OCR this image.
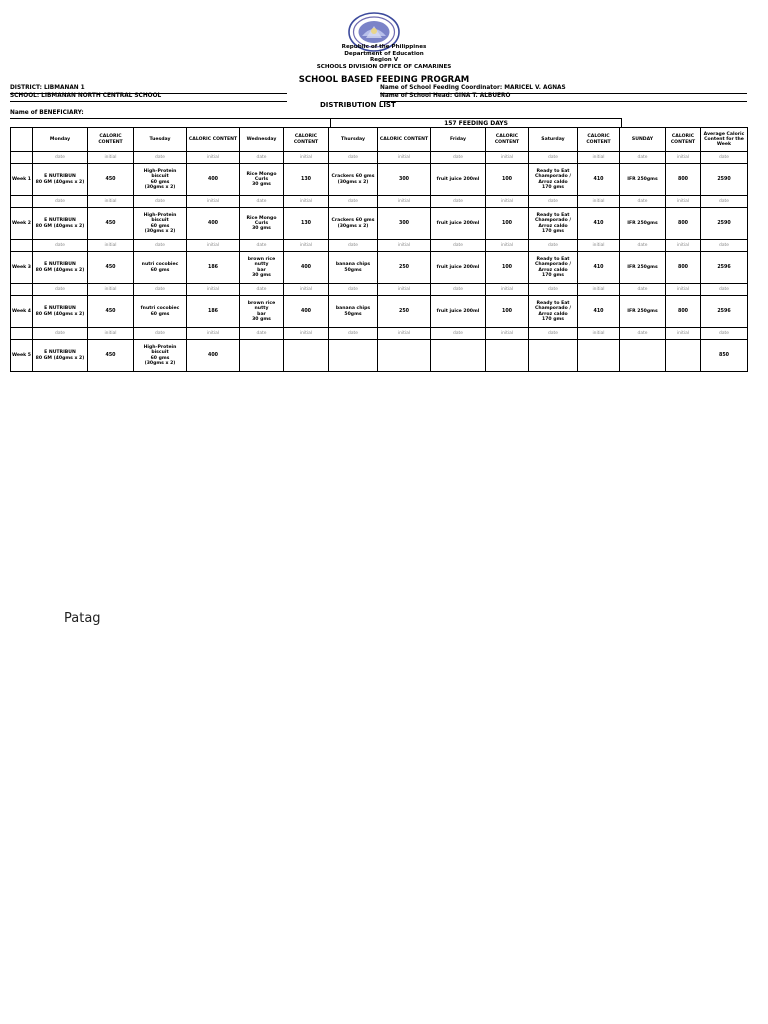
Republic of the Philippines
Department of Education
Region V
SCHOOLS DIVISION OFFICE OF CAMARINES
SCHOOL BASED FEEDING PROGRAM
DISTRICT: LIBMANAN 1
SCHOOL: LIBMANAN NORTH CENTRAL SCHOOL
Name of School Feeding Coordinator: MARICEL V. AGNAS
Name of School Head: GINA T. ALBUERO
DISTRIBUTION LIST
Name of BENEFICIARY:
157 FEEDING DAYS
	Monday	CALORIC CONTENT	Tuesday	CALORIC CONTENT	Wednesday	CALORIC CONTENT	Thursday	CALORIC CONTENT	Friday	CALORIC CONTENT	Saturday	CALORIC CONTENT	SUNDAY	CALORIC CONTENT	Average Caloric Content for the Week
	date	initial	date	initial	date	initial	date	initial	date	initial	date	initial	date	initial	date
Week 1	E NUTRIBUN
80 GM (40gms x 2)	450	High-Protein biscuit
60 gms
(30gms x 2)	400	Rice Mongo
Curls
30 gms	130	Crackers 60 gms
(30gms x 2)	300	fruit juice 200ml	100	Ready to Eat
Champorado /
Arroz caldo
170 gms	410	IFR 250gms	800	2590
	date	initial	date	initial	date	initial	date	initial	date	initial	date	initial	date	initial	date
Week 2	E NUTRIBUN
80 GM (40gms x 2)	450	High-Protein biscuit
60 gms
(30gms x 2)	400	Rice Mongo
Curls
30 gms	130	Crackers 60 gms
(30gms x 2)	300	fruit juice 200ml	100	Ready to Eat
Champorado /
Arroz caldo
170 gms	410	IFR 250gms	800	2590
	date	initial	date	initial	date	initial	date	initial	date	initial	date	initial	date	initial	date
Week 3	E NUTRIBUN
80 GM (40gms x 2)	450	nutri cocobiec
60 gms	186	brown rice nutty
bar
30 gms	400	banana chips
50gms	250	fruit juice 200ml	100	Ready to Eat
Champorado /
Arroz caldo
170 gms	410	IFR 250gms	800	2596
	date	initial	date	initial	date	initial	date	initial	date	initial	date	initial	date	initial	date
Week 4	E NUTRIBUN
80 GM (40gms x 2)	450	fnutri cocobiec
60 gms	186	brown rice nutty
bar
30 gms	400	banana chips
50gms	250	fruit juice 200ml	100	Ready to Eat
Champorado /
Arroz caldo
170 gms	410	IFR 250gms	800	2596
	date	initial	date	initial	date	initial	date	initial	date	initial	date	initial	date	initial	date
Week 5	E NUTRIBUN
80 GM (40gms x 2)	450	High-Protein biscuit
60 gms
(30gms x 2)	400											850
Patag
